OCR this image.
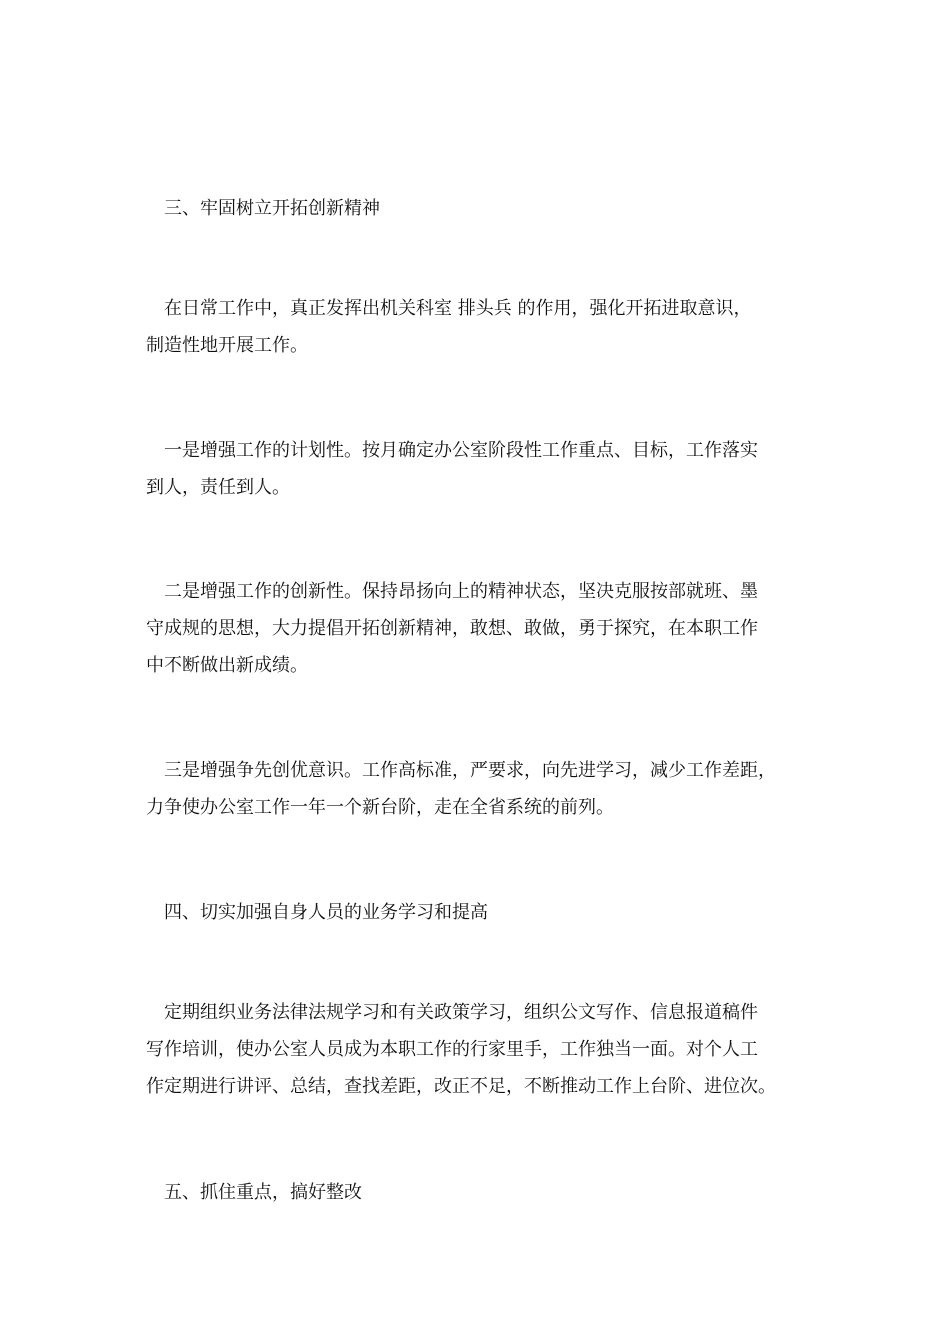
三、牢固树立开拓创新精神

在日常工作中，真正发挥出机关科室 排头兵 的作用，强化开拓进取意识，
制造性地开展工作。

一是增强工作的计划性。按月确定办公室阶段性工作重点、目标，工作落实
到人，责任到人。

二是增强工作的创新性。保持昂扬向上的精神状态，坚决克服按部就班、墨
守成规的思想，大力提倡开拓创新精神，敢想、敢做，勇于探究，在本职工作
中不断做出新成绩。

三是增强争先创优意识。工作高标准，严要求，向先进学习，减少工作差距，
力争使办公室工作一年一个新台阶，走在全省系统的前列。

四、切实加强自身人员的业务学习和提高

定期组织业务法律法规学习和有关政策学习，组织公文写作、信息报道稿件
写作培训，使办公室人员成为本职工作的行家里手，工作独当一面。对个人工
作定期进行讲评、总结，查找差距，改正不足，不断推动工作上台阶、进位次。

五、抓住重点，搞好整改
